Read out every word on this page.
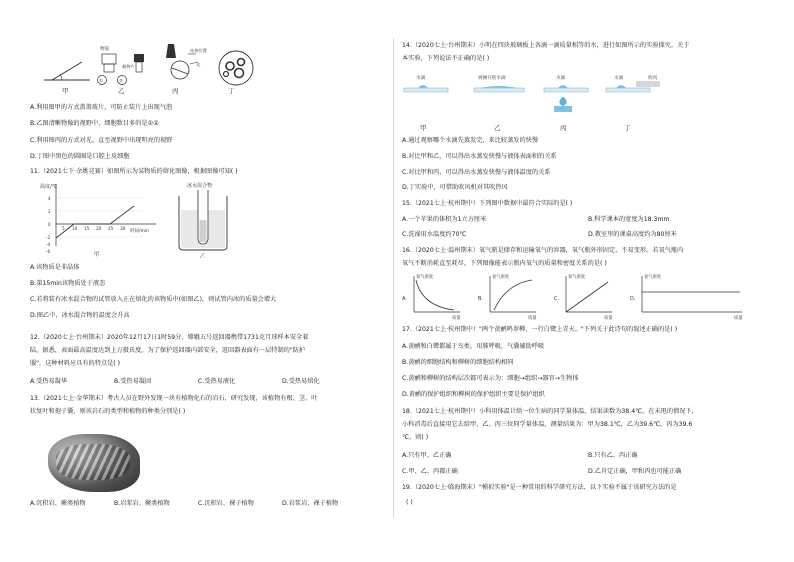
物镜
载物片
①	②
连接位置
光
甲	乙	丙	丁
A.利用图甲的方式盖盖玻片，可防止装片上出现气泡
B.乙图清晰物像的视野中，细胞数目多的是①②
C.利用图丙的方式对光，直至视野中出现明亮的视野
D.丁图中黑色的圆圈是口腔上皮细胞
11.（2021七下·余姚竞赛）如图所示为某物质的熔化图像，根据图像可知( )
温度/℃
时间/min
5 10 15 20 25 30
4
2
0
-2
-4
-6
甲
冰水混合物
乙
A.该物质是非晶体
B.第15min该物质处于液态
C.若将装有冰水混合物的试管放入正在熔化的该物质中(如图乙)，则试管内冰的质量会增大
D.图乙中，冰水混合物的温度会升高
12.（2020七上·台州期末）2020年12月17日1时59分，嫦娥五号返回器携带1731克月球样本安全着
陆。据悉，表面最高温度达到上万摄氏度。为了保护返回器内部安全，返回器表面有一层特制的"防护
服"，这种材料应具有的特点是( )
A.受热易凝华	B.受热易凝固	C.受热易液化	D.受热易熔化
13.（2021七上·金华期末）考古人员在野外发现一块有植物化石的岩石，研究发现，该植物有根、茎、叶
状复叶和孢子囊，则该岩石的类型和植物的种类分别是( )
A.沉积岩、蕨类植物	B.岩浆岩、蕨类植物	C.沉积岩、裸子植物	D.岩浆岩、裸子植物
14.（2020七上·台州期末）小明在四块玻璃板上各滴一滴质量相等的水，进行如图所示的实验探究。关于
本实验，下列说法不正确的是( )
水滴	被摊开的水滴	水滴	水滴	吹风
甲	乙	丙	丁
A.通过观察哪个水滴先蒸发完，来比较蒸发的快慢
B.对比甲和乙，可以得出水蒸发快慢与液体表面积的关系
C.对比甲和丙，可以得出水蒸发快慢与液体温度的关系
D.丁实验中，可借助吹风机对其吹热风
15.（2021七上·杭州期中）下列图中数据中最符合实际的是( )
A.一个苹果的体积为1立方厘米	B.科学课本的宽度为18.3mm
C.洗澡用水温度约70℃	D.教室里的课桌高度约为80厘米
16.（2020七上·温州期末）氧气瓶是储存和运输氧气的容器，氧气瓶外形固定，不易变形。若氧气瓶内
氧气不断消耗直至耗尽，下列图像能表示瓶内氧气的质量和密度关系的是( )
A.
氧气密度
质量
B.
氧气密度
质量
C.
氧气密度
质量
D.
氧气密度
质量
17.（2021七上·杭州期中）"两个黄鹂鸣翠柳，一行白鹭上青天。"下列关于此诗句的叙述正确的是( )
A.黄鹂和白鹭都属于鸟类，用肺呼吸，气囊辅助呼吸
B.黄鹂的细胞结构和柳树的细胞结构相同
C.黄鹂和柳树的结构层次都可表示为：细胞→组织→器官→生物体
D.黄鹂的保护组织和柳树的保护组织主要是保护组织
18.（2021七上·杭州期中）小科用体温计给一位生病的同学量体温，结果读数为38.4℃。在未甩的情况下，
小科消毒后直接用它去给甲、乙、丙三位同学量体温，测量结果为：甲为38.1℃，乙为39.6℃，丙为39.6
℃。则( )
A.只有甲、乙正确	B.只有乙、丙正确
C.甲、乙、丙都正确	D.乙肯定正确，甲和丙也可能正确
19.（2020七上·临海期末）"模拟实验"是一种常用的科学研究方法，以下实验不属于该研究方法的是
( )
